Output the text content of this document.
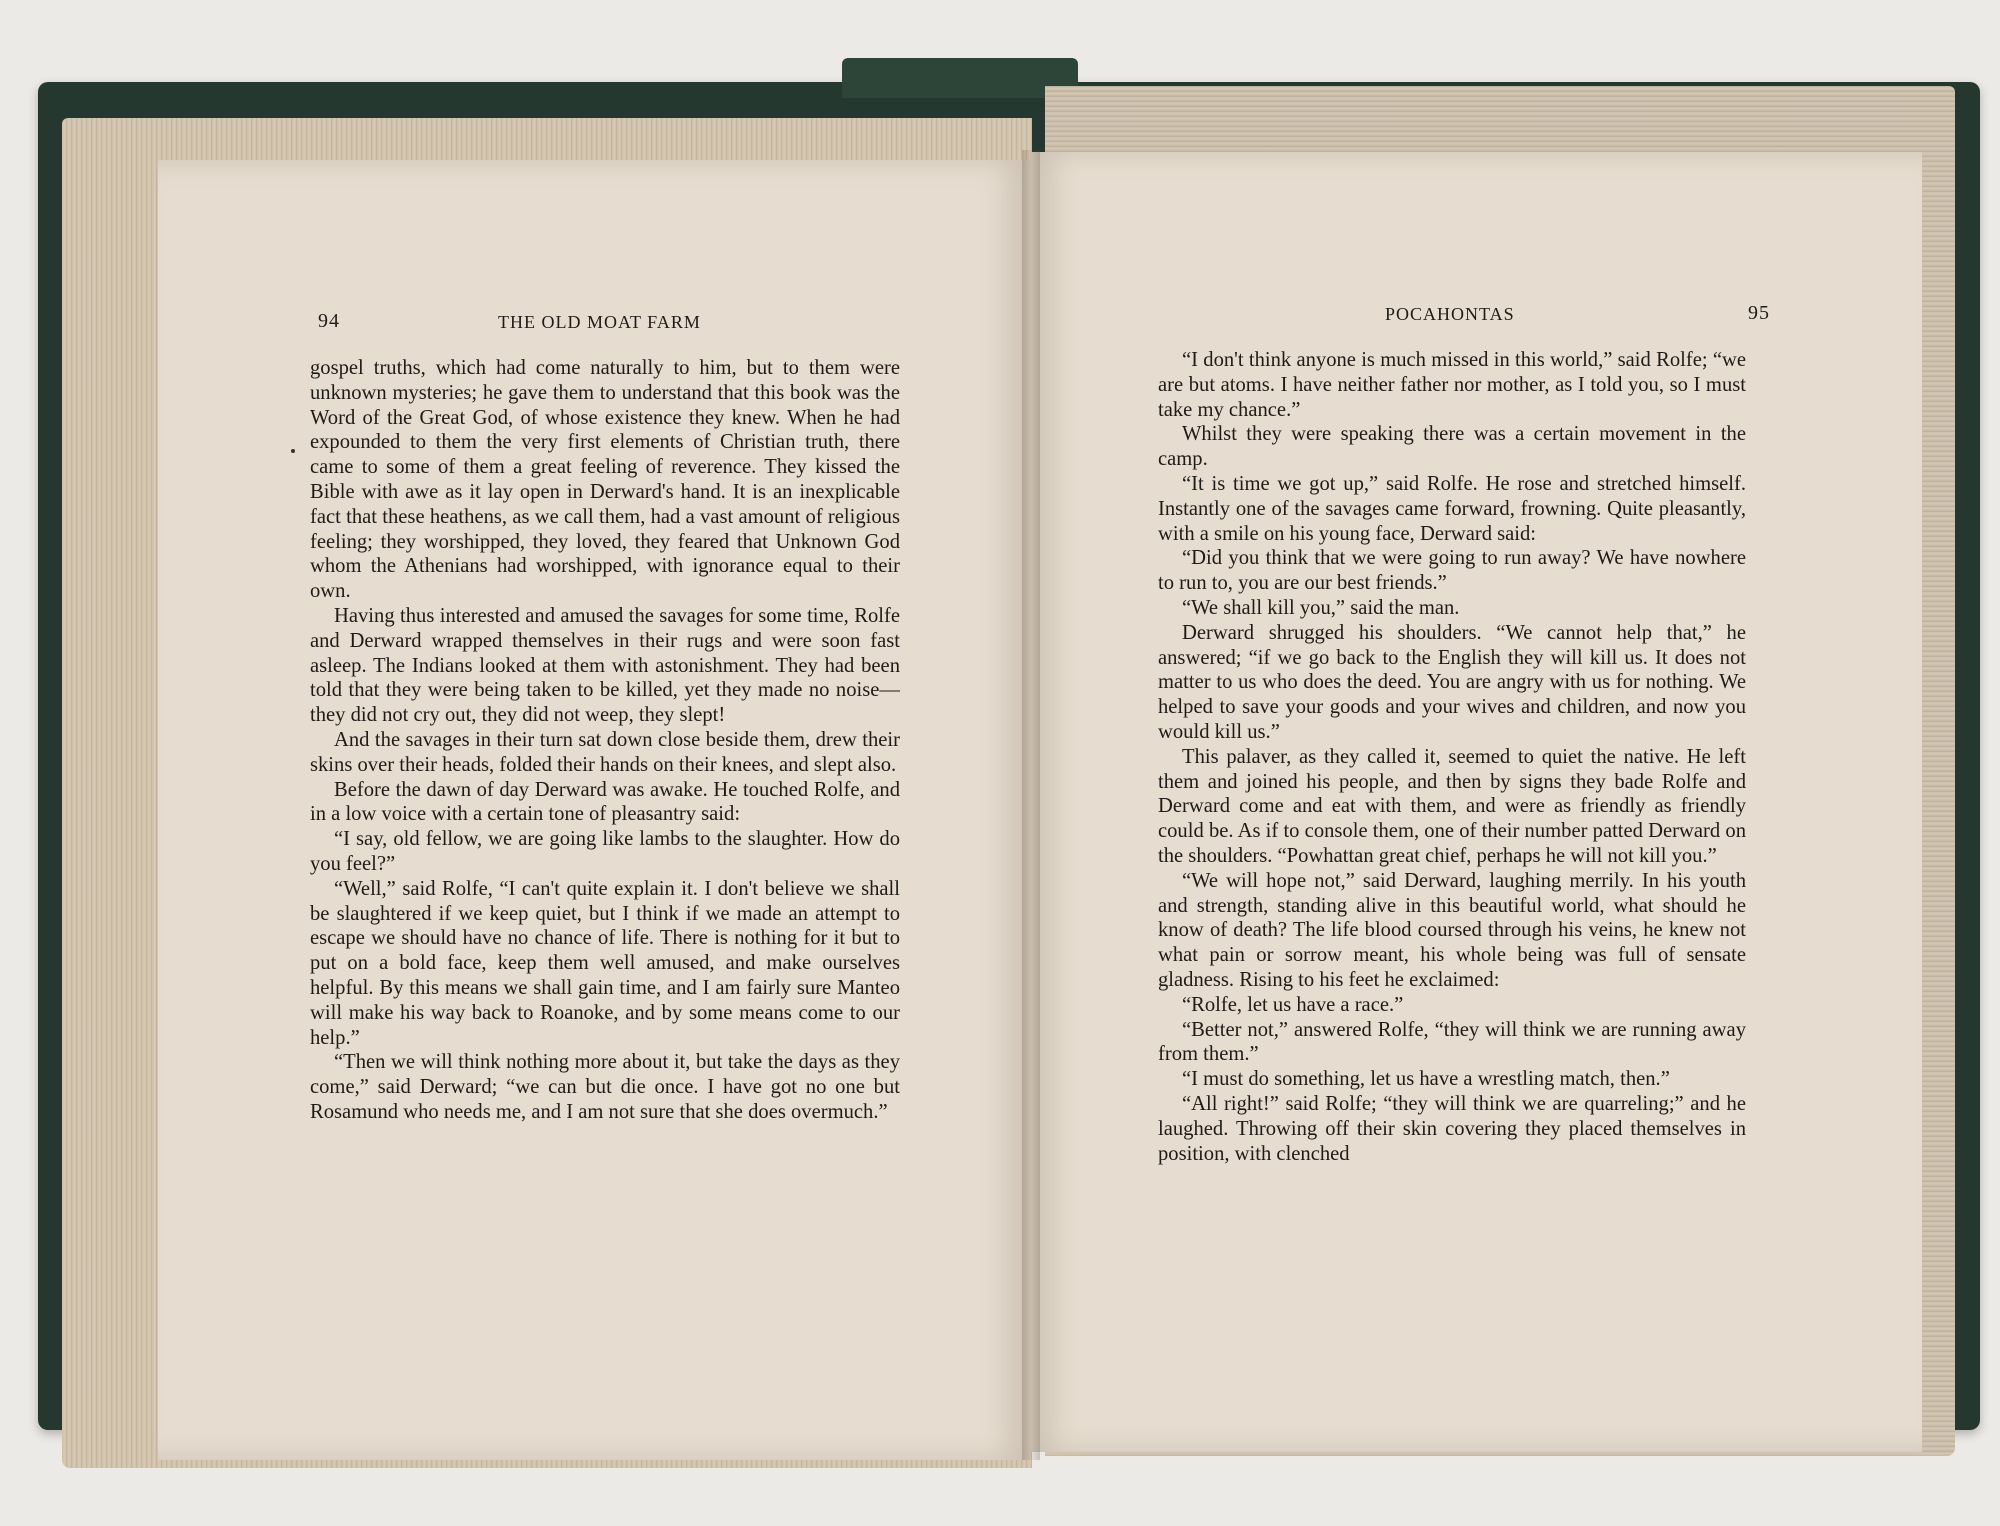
94	THE OLD MOAT FARM

gospel truths, which had come naturally to him, but to them were unknown mysteries; he gave them to understand that this book was the Word of the Great God, of whose existence they knew. When he had expounded to them the very first elements of Christian truth, there came to some of them a great feeling of reverence. They kissed the Bible with awe as it lay open in Derward's hand. It is an inexplicable fact that these heathens, as we call them, had a vast amount of religious feeling; they worshipped, they loved, they feared that Unknown God whom the Athenians had worshipped, with ignorance equal to their own.

Having thus interested and amused the savages for some time, Rolfe and Derward wrapped themselves in their rugs and were soon fast asleep. The Indians looked at them with astonishment. They had been told that they were being taken to be killed, yet they made no noise—they did not cry out, they did not weep, they slept!

And the savages in their turn sat down close beside them, drew their skins over their heads, folded their hands on their knees, and slept also.

Before the dawn of day Derward was awake. He touched Rolfe, and in a low voice with a certain tone of pleasantry said:

“I say, old fellow, we are going like lambs to the slaughter. How do you feel?”

“Well,” said Rolfe, “I can't quite explain it. I don't believe we shall be slaughtered if we keep quiet, but I think if we made an attempt to escape we should have no chance of life. There is nothing for it but to put on a bold face, keep them well amused, and make ourselves helpful. By this means we shall gain time, and I am fairly sure Manteo will make his way back to Roanoke, and by some means come to our help.”

“Then we will think nothing more about it, but take the days as they come,” said Derward; “we can but die once. I have got no one but Rosamund who needs me, and I am not sure that she does overmuch.”

POCAHONTAS	95

“I don't think anyone is much missed in this world,” said Rolfe; “we are but atoms. I have neither father nor mother, as I told you, so I must take my chance.”

Whilst they were speaking there was a certain movement in the camp.

“It is time we got up,” said Rolfe. He rose and stretched himself. Instantly one of the savages came forward, frowning. Quite pleasantly, with a smile on his young face, Derward said:

“Did you think that we were going to run away? We have nowhere to run to, you are our best friends.”

“We shall kill you,” said the man.

Derward shrugged his shoulders. “We cannot help that,” he answered; “if we go back to the English they will kill us. It does not matter to us who does the deed. You are angry with us for nothing. We helped to save your goods and your wives and children, and now you would kill us.”

This palaver, as they called it, seemed to quiet the native. He left them and joined his people, and then by signs they bade Rolfe and Derward come and eat with them, and were as friendly as friendly could be. As if to console them, one of their number patted Derward on the shoulders. “Powhattan great chief, perhaps he will not kill you.”

“We will hope not,” said Derward, laughing merrily. In his youth and strength, standing alive in this beautiful world, what should he know of death? The life blood coursed through his veins, he knew not what pain or sorrow meant, his whole being was full of sensate gladness. Rising to his feet he exclaimed:

“Rolfe, let us have a race.”

“Better not,” answered Rolfe, “they will think we are running away from them.”

“I must do something, let us have a wrestling match, then.”

“All right!” said Rolfe; “they will think we are quarreling;” and he laughed. Throwing off their skin covering they placed themselves in position, with clenched
